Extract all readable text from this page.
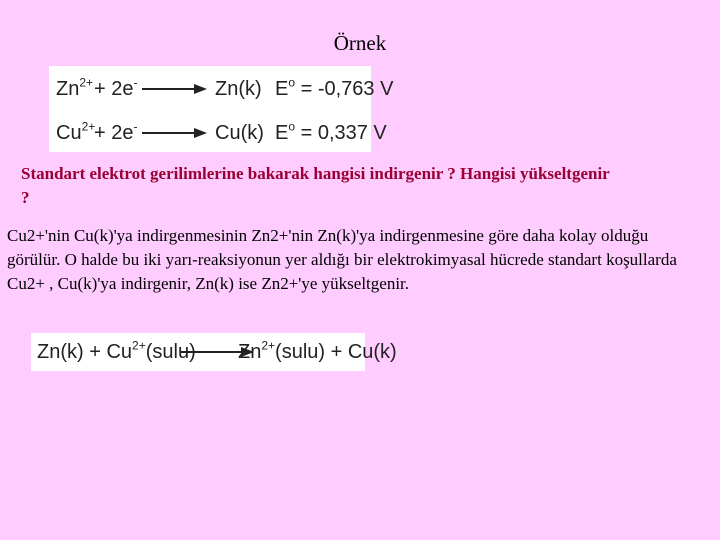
Örnek
$Zn^{2+} + 2e^- \to Zn(k) E^o = -0,763$ V
$Cu^{2+}$
+ 2e- → Cu(k) $E^o = 0,337$ V
Standart elektrot gerilimlerine bakarak hangisi indirgenir ? Hangisi yükseltgenir ?
Cu2+'nin Cu(k)'ya indirgenmesinin Zn2+'nin Zn(k)'ya indirgenmesine göre daha kolay olduğu görülür. O halde bu iki yarı-reaksiyonun yer aldığı bir elektrokimyasal hücrede standart koşullarda Cu2+ , Cu(k)'ya indirgenir, Zn(k) ise Zn2+'ye yükseltgenir.
$Zn(k) + Cu^{2+}(sulu)$ $Zn^{2+}(sulu) + Cu(k)$
